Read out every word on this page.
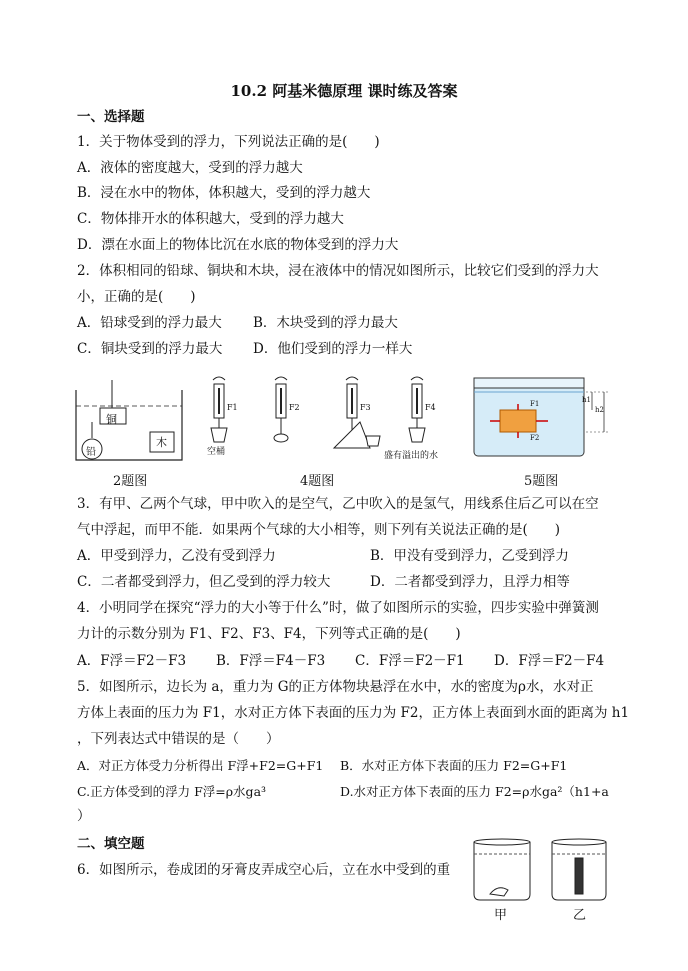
10.2 阿基米德原理 课时练及答案
一、选择题
1．关于物体受到的浮力，下列说法正确的是(　　)
A．液体的密度越大，受到的浮力越大
B．浸在水中的物体，体积越大，受到的浮力越大
C．物体排开水的体积越大，受到的浮力越大
D．漂在水面上的物体比沉在水底的物体受到的浮力大
2．体积相同的铅球、铜块和木块，浸在液体中的情况如图所示，比较它们受到的浮力大
小，正确的是(　　)
A．铅球受到的浮力最大 B．木块受到的浮力最大
C．铜块受到的浮力最大 D．他们受到的浮力一样大
铜
铅
木
F1	F2	F3	F4
空桶	盛有溢出的水
F1
F2
h1
h2
2题图	4题图	5题图
3．有甲、乙两个气球，甲中吹入的是空气，乙中吹入的是氢气，用线系住后乙可以在空
气中浮起，而甲不能．如果两个气球的大小相等，则下列有关说法正确的是(　　)
A．甲受到浮力，乙没有受到浮力	B．甲没有受到浮力，乙受到浮力
C．二者都受到浮力，但乙受到的浮力较大	D．二者都受到浮力，且浮力相等
4．小明同学在探究“浮力的大小等于什么”时，做了如图所示的实验，四步实验中弹簧测
力计的示数分别为 F1、F2、F3、F4，下列等式正确的是(　　)
A．F浮＝F2－F3 B．F浮＝F4－F3 C．F浮＝F2－F1 D．F浮＝F2－F4
5．如图所示，边长为 a，重力为 G的正方体物块悬浮在水中，水的密度为ρ水，水对正
方体上表面的压力为 F1，水对正方体下表面的压力为 F2，正方体上表面到水面的距离为 h1
，下列表达式中错误的是（　　）
A．对正方体受力分析得出 F浮+F2=G+F1 B．水对正方体下表面的压力 F2=G+F1
C.正方体受到的浮力 F浮=ρ水ga³	D.水对正方体下表面的压力 F2=ρ水ga²（h1+a
）
二、填空题
6．如图所示，卷成团的牙膏皮弄成空心后，立在水中受到的重
甲	乙
